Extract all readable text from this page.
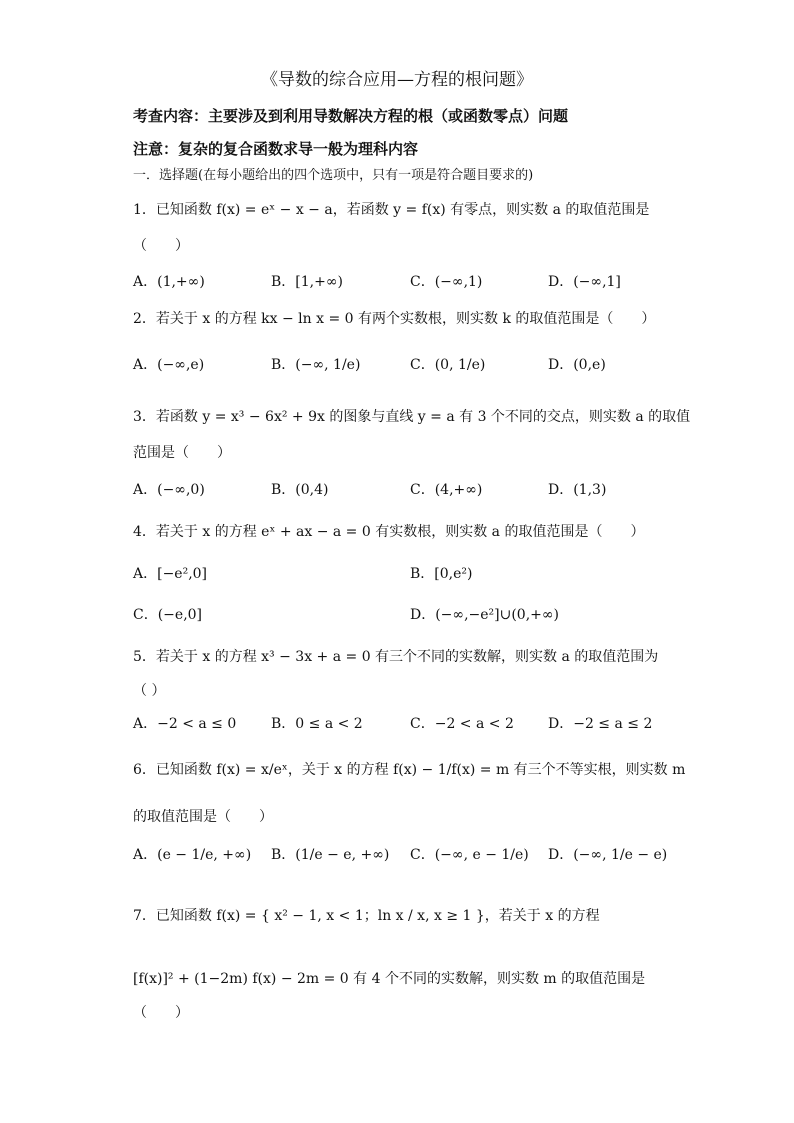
《导数的综合应用—方程的根问题》
考查内容：主要涉及到利用导数解决方程的根（或函数零点）问题
注意：复杂的复合函数求导一般为理科内容
一．选择题(在每小题给出的四个选项中，只有一项是符合题目要求的)
1．已知函数 f(x) = eˣ − x − a，若函数 y = f(x) 有零点，则实数 a 的取值范围是
（　　）
A．(1,+∞)	B．[1,+∞)	C．(−∞,1)	D．(−∞,1]
2．若关于 x 的方程 kx − ln x = 0 有两个实数根，则实数 k 的取值范围是（　　）
A．(−∞,e)	B．(−∞, 1/e)	C．(0, 1/e)	D．(0,e)
3．若函数 y = x³ − 6x² + 9x 的图象与直线 y = a 有 3 个不同的交点，则实数 a 的取值
范围是（　　）
A．(−∞,0)	B．(0,4)	C．(4,+∞)	D．(1,3)
4．若关于 x 的方程 eˣ + ax − a = 0 有实数根，则实数 a 的取值范围是（　　）
A．[−e²,0]	B．[0,e²)
C．(−e,0]	D．(−∞,−e²]∪(0,+∞)
5．若关于 x 的方程 x³ − 3x + a = 0 有三个不同的实数解，则实数 a 的取值范围为
（ ）
A．−2 < a ≤ 0 B．0 ≤ a < 2	C．−2 < a < 2 D．−2 ≤ a ≤ 2
6．已知函数 f(x) = x/eˣ，关于 x 的方程 f(x) − 1/f(x) = m 有三个不等实根，则实数 m
的取值范围是（　　）
A．(e − 1/e, +∞) B．(1/e − e, +∞) C．(−∞, e − 1/e) D．(−∞, 1/e − e)
7．已知函数 f(x) = { x² − 1, x < 1；ln x / x, x ≥ 1 }，若关于 x 的方程
[f(x)]² + (1−2m) f(x) − 2m = 0 有 4 个不同的实数解，则实数 m 的取值范围是
（　　）
